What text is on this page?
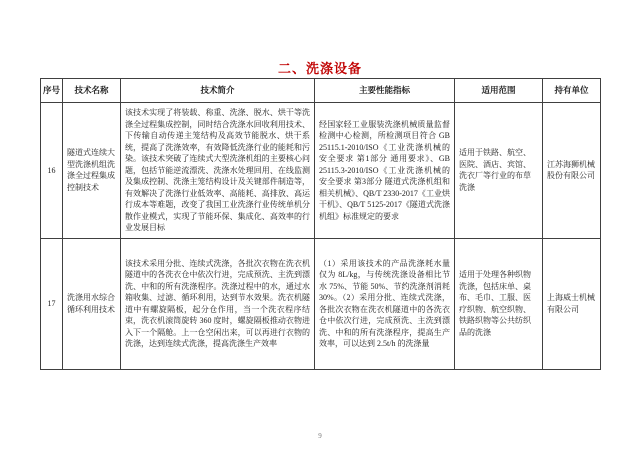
二、洗涤设备
序号	技术名称	技术简介	主要性能指标	适用范围	持有单位
16	隧道式连续大型洗涤机组洗涤全过程集成控制技术	该技术实现了将装载、称重、洗涤、脱水、烘干等洗涤全过程集成控制，同时结合洗涤水回收利用技术、下传输自动传递主笼结构及高效节能脱水、烘干系统，提高了洗涤效率，有效降低洗涤行业的能耗和污染。该技术突破了连续式大型洗涤机组的主要核心问题，包括节能逆流漂洗、洗涤水处理回用、在线监测及集成控制、洗涤主笼结构设计及关键部件制造等，有效解决了洗涤行业低效率、高能耗、高排放、高运行成本等难题，改变了我国工业洗涤行业传统单机分散作业模式，实现了节能环保、集成化、高效率的行业发展目标	经国家轻工业服装洗涤机械质量监督检测中心检测，所检测项目符合 GB 25115.1-2010/ISO《工业洗涤机械的安全要求 第1部分 通用要求》、GB 25115.3-2010/ISO《工业洗涤机械的安全要求 第3部分 隧道式洗涤机组和相关机械》、QB/T 2330-2017《工业烘干机》、QB/T 5125-2017《隧道式洗涤机组》标准规定的要求	适用于铁路、航空、医院、酒店、宾馆、洗衣厂等行业的布草洗涤	江苏海狮机械股份有限公司
17	洗涤用水综合循环利用技术	该技术采用分批、连续式洗涤，各批次衣物在洗衣机隧道中的各洗衣仓中依次行进，完成预洗、主洗到漂洗、中和的所有洗涤程序。洗涤过程中的水，通过水箱收集、过滤、循环利用，达到节水效果。洗衣机隧道中有螺旋隔板，起分仓作用，当一个洗衣程序结束，洗衣机滚筒旋转 360 度时，螺旋隔板推动衣物进入下一个隔舱。上一仓空闲出来，可以再进行衣物的洗涤，达到连续式洗涤，提高洗涤生产效率	（1）采用该技术的产品洗涤耗水量仅为 8L/kg，与传统洗涤设备相比节水 75%、节能 50%、节约洗涤剂消耗 30%。（2）采用分批、连续式洗涤，各批次衣物在洗衣机隧道中的各洗衣仓中依次行进，完成预洗、主洗到漂洗、中和的所有洗涤程序，提高生产效率，可以达到 2.5t/h 的洗涤量	适用于处理各种织物洗涤，包括床单、桌布、毛巾、工服、医疗织物、航空织物、铁路织物等公共纺织品的洗涤	上海威士机械有限公司
9
